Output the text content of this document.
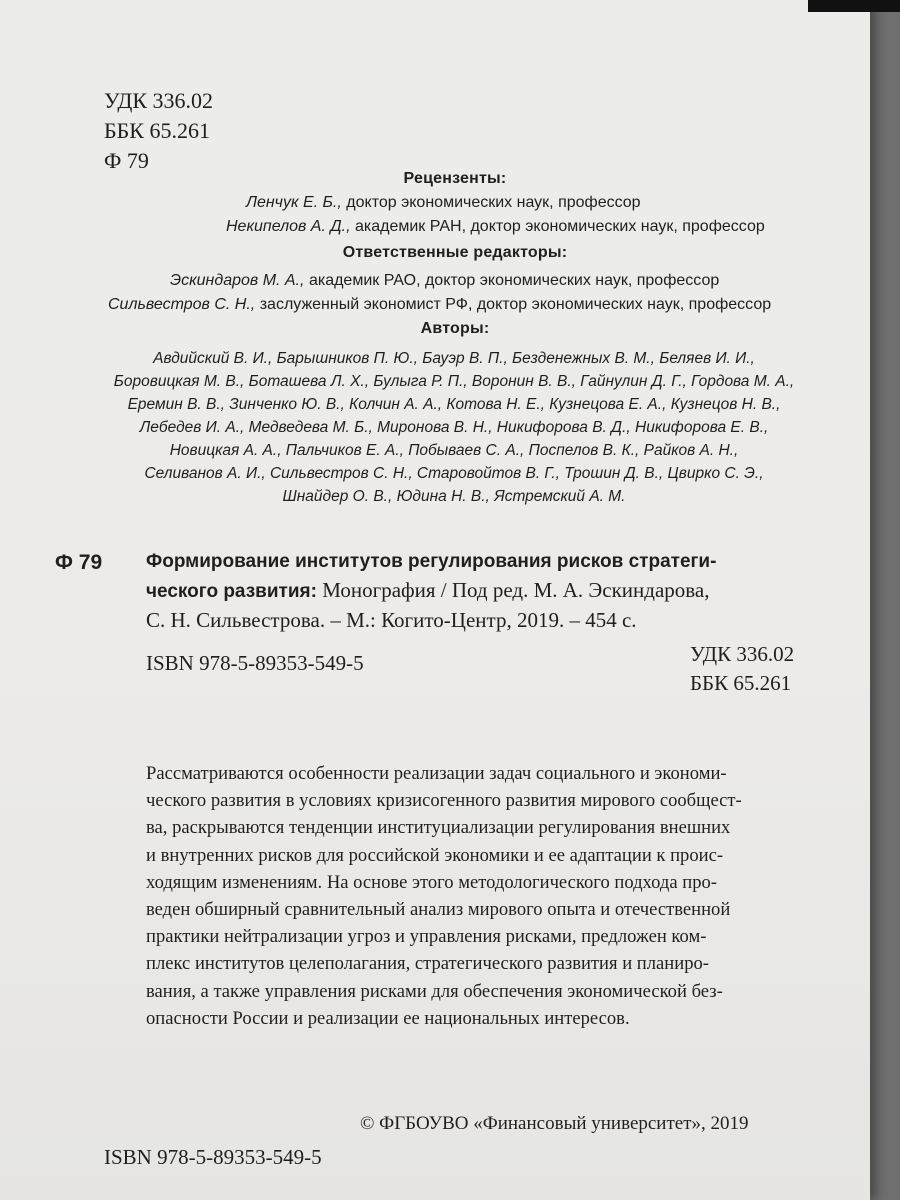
УДК 336.02
ББК 65.261
Ф 79
Рецензенты:
Ленчук Е. Б., доктор экономических наук, профессор
Некипелов А. Д., академик РАН, доктор экономических наук, профессор
Ответственные редакторы:
Эскиндаров М. А., академик РАО, доктор экономических наук, профессор
Сильвестров С. Н., заслуженный экономист РФ, доктор экономических наук, профессор
Авторы:
Авдийский В. И., Барышников П. Ю., Бауэр В. П., Безденежных В. М., Беляев И. И.,
Боровицкая М. В., Боташева Л. Х., Булыга Р. П., Воронин В. В., Гайнулин Д. Г., Гордова М. А.,
Еремин В. В., Зинченко Ю. В., Колчин А. А., Котова Н. Е., Кузнецова Е. А., Кузнецов Н. В.,
Лебедев И. А., Медведева М. Б., Миронова В. Н., Никифорова В. Д., Никифорова Е. В.,
Новицкая А. А., Пальчиков Е. А., Побываев С. А., Поспелов В. К., Райков А. Н.,
Селиванов А. И., Сильвестров С. Н., Старовойтов В. Г., Трошин Д. В., Цвирко С. Э.,
Шнайдер О. В., Юдина Н. В., Ястремский А. М.
Ф 79 Формирование институтов регулирования рисков стратеги-
ческого развития: Монография / Под ред. М. А. Эскиндарова,
С. Н. Сильвестрова. – М.: Когито-Центр, 2019. – 454 с.
ISBN 978-5-89353-549-5	УДК 336.02
ББК 65.261
Рассматриваются особенности реализации задач социального и экономи-
ческого развития в условиях кризисогенного развития мирового сообщест-
ва, раскрываются тенденции институциализации регулирования внешних
и внутренних рисков для российской экономики и ее адаптации к проис-
ходящим изменениям. На основе этого методологического подхода про-
веден обширный сравнительный анализ мирового опыта и отечественной
практики нейтрализации угроз и управления рисками, предложен ком-
плекс институтов целеполагания, стратегического развития и планиро-
вания, а также управления рисками для обеспечения экономической без-
опасности России и реализации ее национальных интересов.
© ФГБОУВО «Финансовый университет», 2019
ISBN 978-5-89353-549-5
